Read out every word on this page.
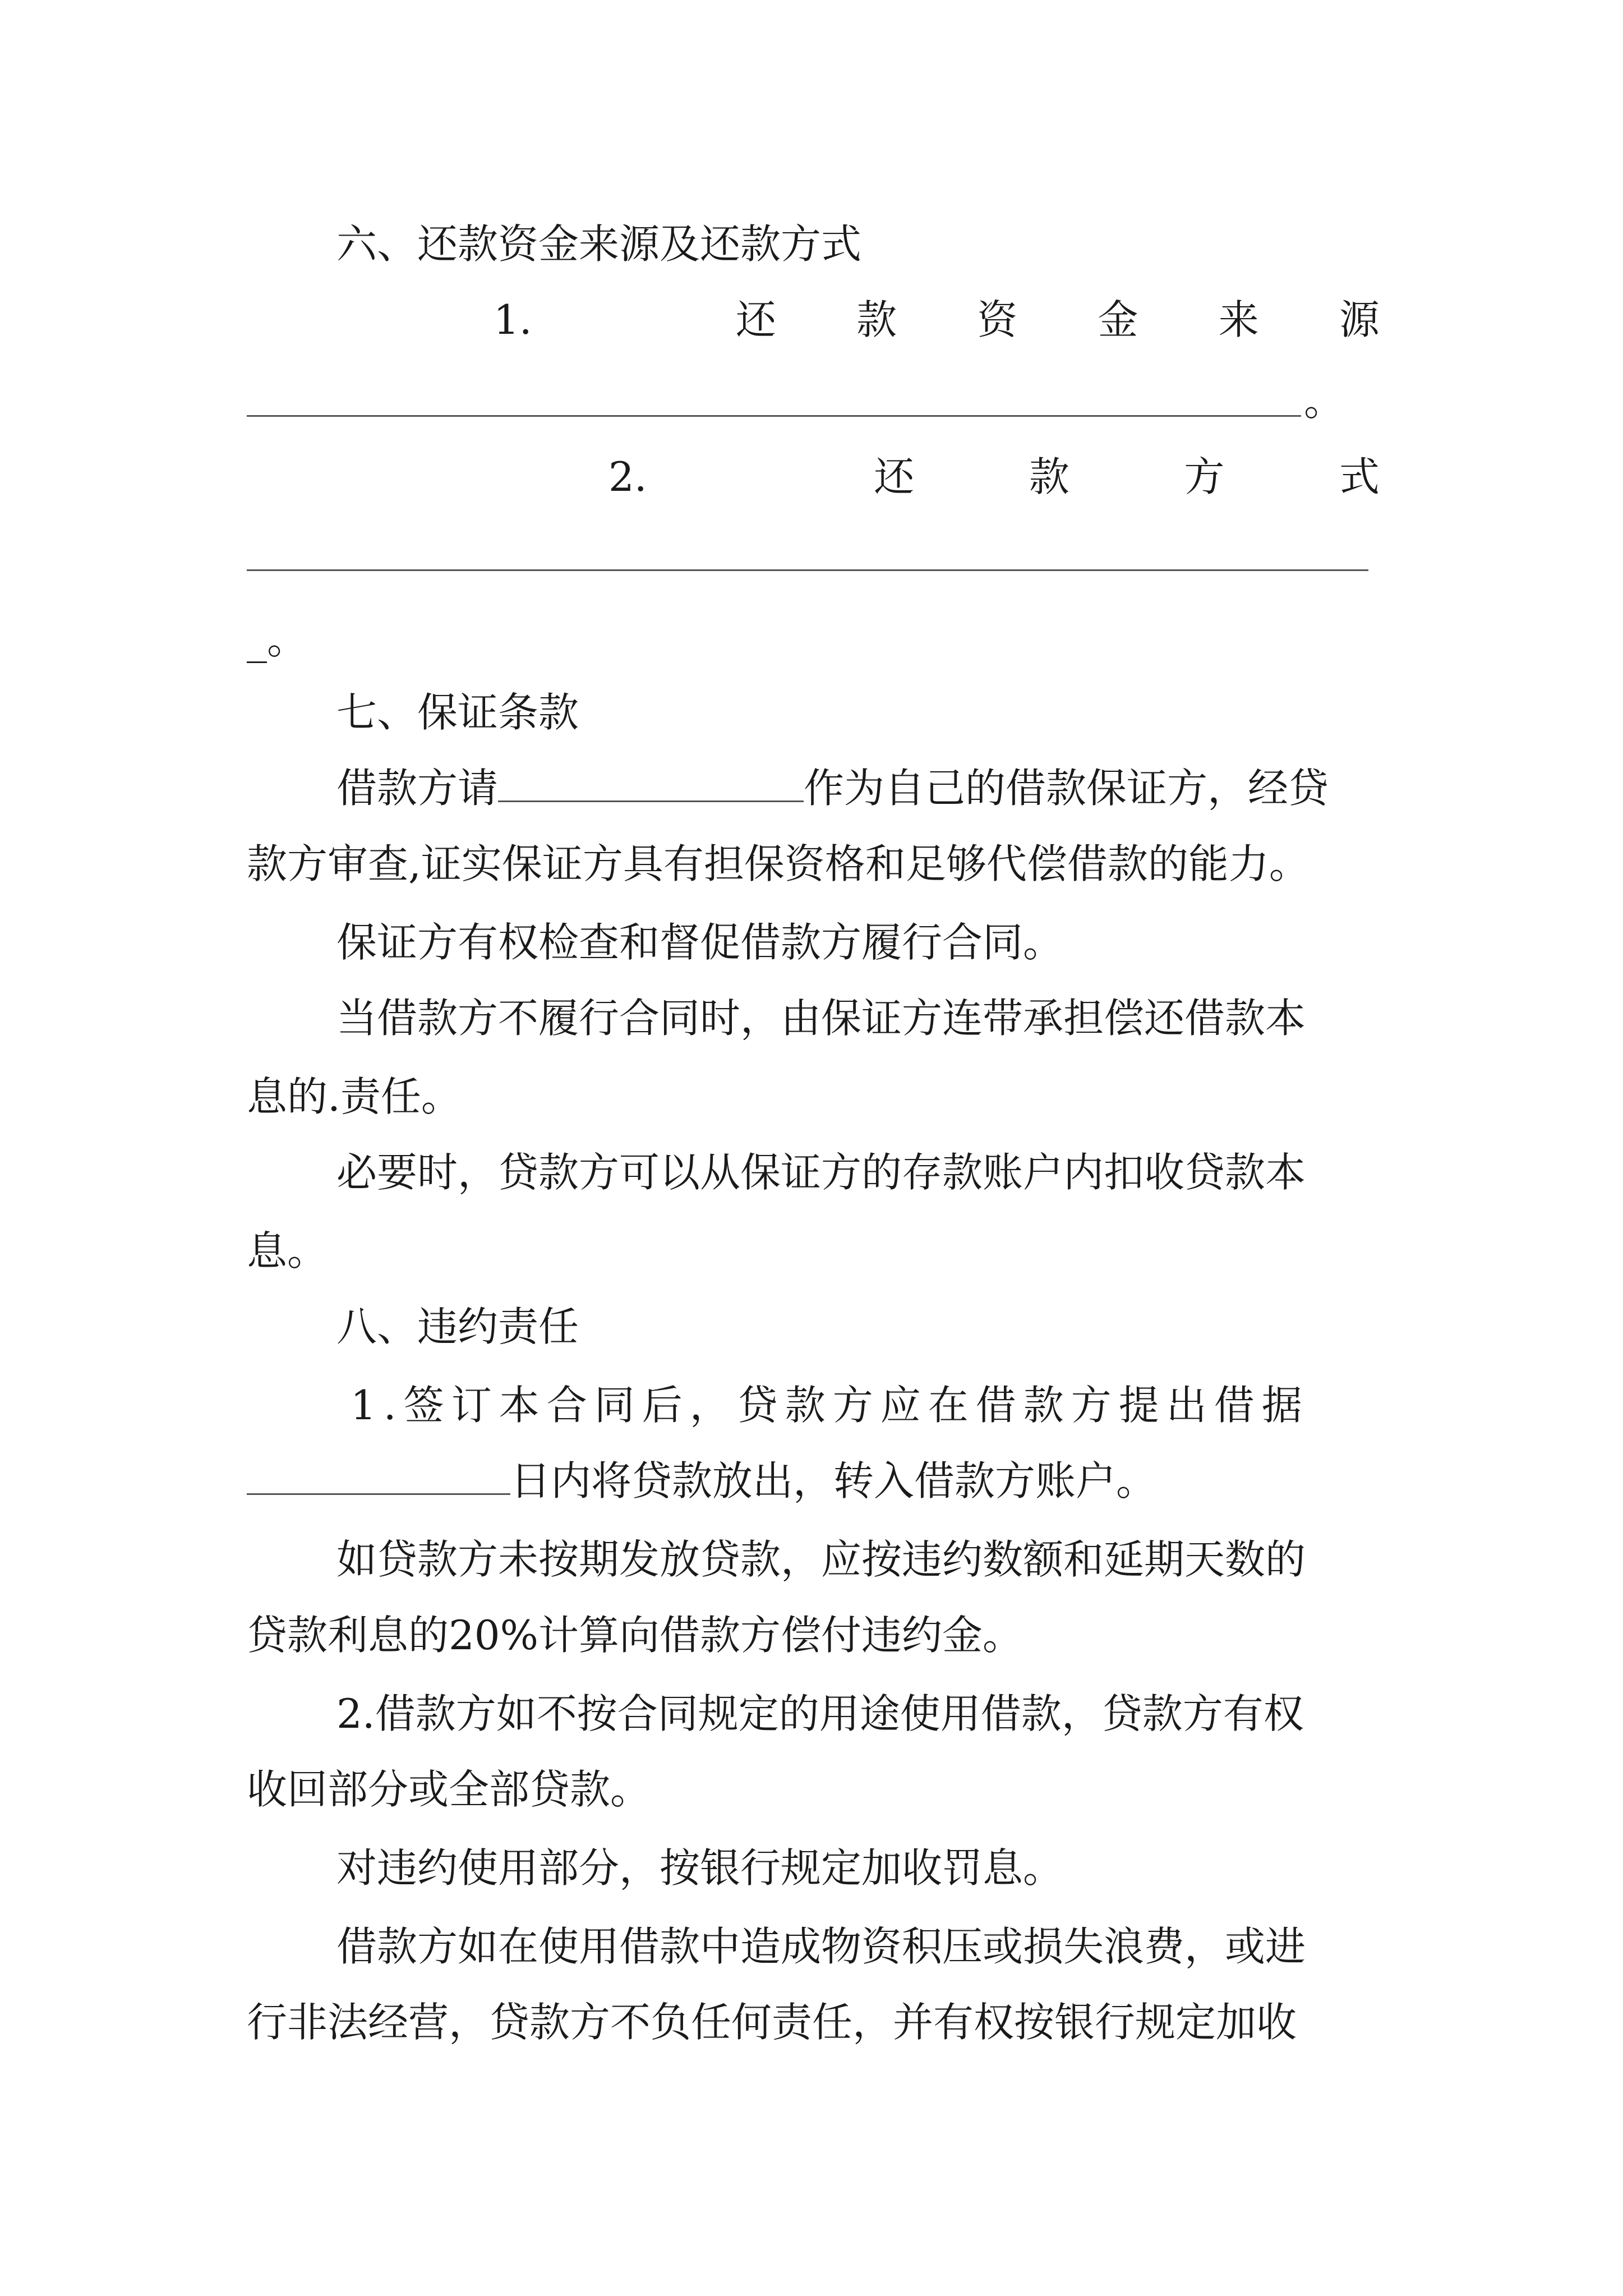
六、还款资金来源及还款方式
1.	还 款 资 金 来 源
。
2.	还	款	方	式
_。
七、保证条款
借款方请	作为自己的借款保证方，经贷
款方审查,证实保证方具有担保资格和足够代偿借款的能力。
保证方有权检查和督促借款方履行合同。
当借款方不履行合同时，由保证方连带承担偿还借款本
息的.责任。
必要时，贷款方可以从保证方的存款账户内扣收贷款本
息。
八、违约责任
1.签订本合同后，贷款方应在借款方提出借据
日内将贷款放出，转入借款方账户。
如贷款方未按期发放贷款，应按违约数额和延期天数的
贷款利息的20%计算向借款方偿付违约金。
2.借款方如不按合同规定的用途使用借款，贷款方有权
收回部分或全部贷款。
对违约使用部分，按银行规定加收罚息。
借款方如在使用借款中造成物资积压或损失浪费，或进
行非法经营，贷款方不负任何责任，并有权按银行规定加收
